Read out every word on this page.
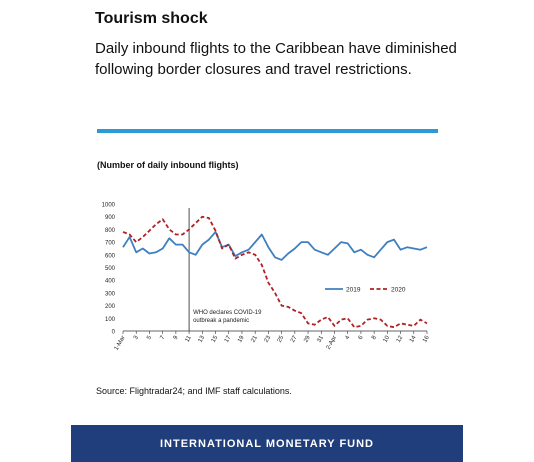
Tourism shock

Daily inbound flights to the Caribbean have diminished following border closures and travel restrictions.

(Number of daily inbound flights)
0
100
200
300
400
500
600
700
800
900
1000
1-Mar 3 5 7 9 11 13 15 17 19 21 23 25 27 29 31 2-Apr 4 6 8 10 12 14 16
WHO declares COVID-19
outbreak a pandemic
2019	2020
Source: Flightradar24; and IMF staff calculations.
INTERNATIONAL MONETARY FUND
